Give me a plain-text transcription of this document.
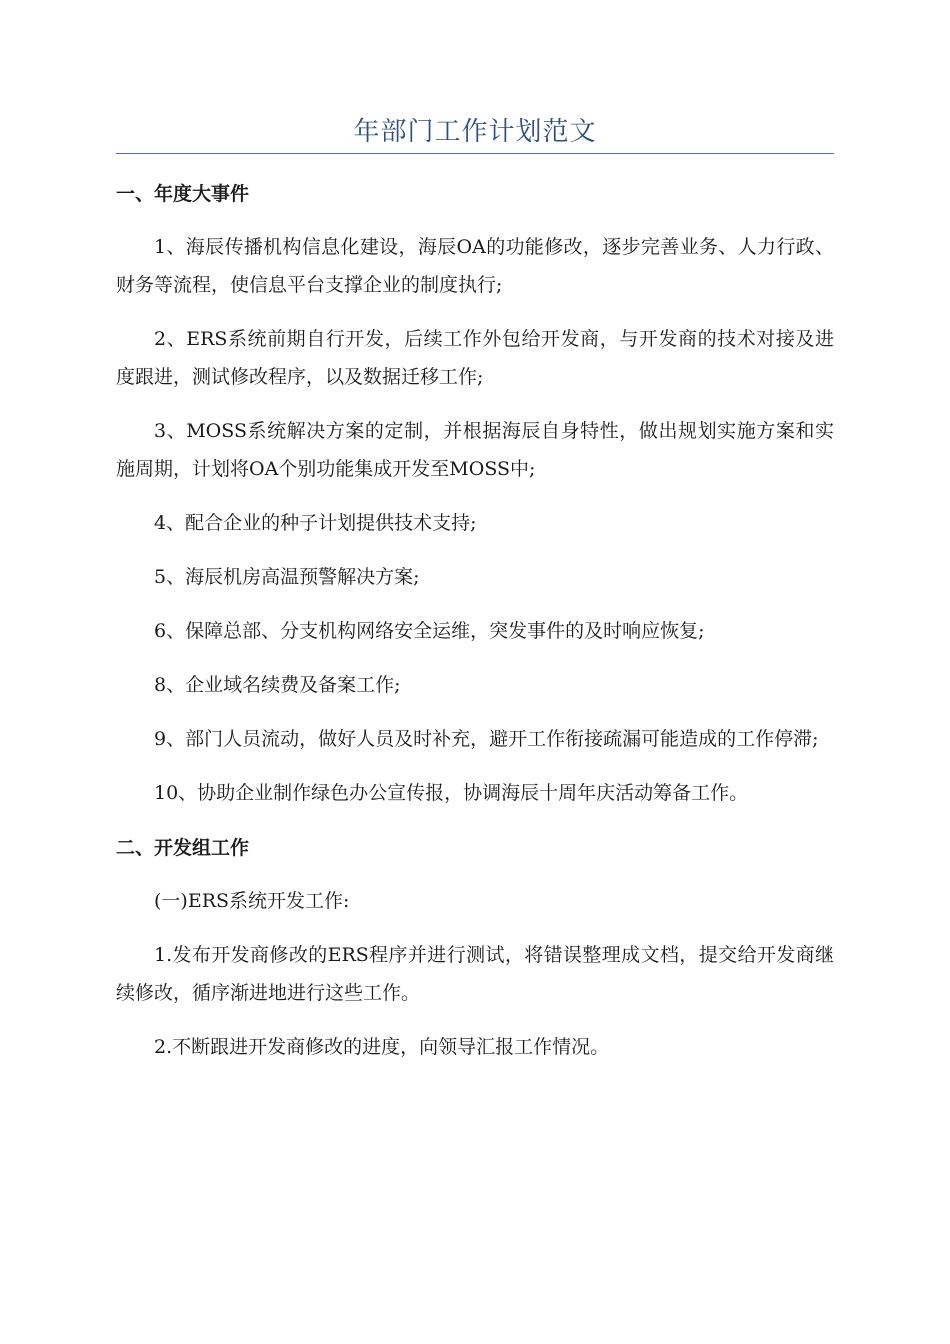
年部门工作计划范文
一、年度大事件

1、海辰传播机构信息化建设，海辰OA的功能修改，逐步完善业务、人力行政、财务等流程，使信息平台支撑企业的制度执行;

2、ERS系统前期自行开发，后续工作外包给开发商，与开发商的技术对接及进度跟进，测试修改程序，以及数据迁移工作;

3、MOSS系统解决方案的定制，并根据海辰自身特性，做出规划实施方案和实施周期，计划将OA个别功能集成开发至MOSS中;

4、配合企业的种子计划提供技术支持;

5、海辰机房高温预警解决方案;

6、保障总部、分支机构网络安全运维，突发事件的及时响应恢复;

8、企业域名续费及备案工作;

9、部门人员流动，做好人员及时补充，避开工作衔接疏漏可能造成的工作停滞;

10、协助企业制作绿色办公宣传报，协调海辰十周年庆活动筹备工作。

二、开发组工作

(一)ERS系统开发工作:

1.发布开发商修改的ERS程序并进行测试，将错误整理成文档，提交给开发商继续修改，循序渐进地进行这些工作。

2.不断跟进开发商修改的进度，向领导汇报工作情况。
